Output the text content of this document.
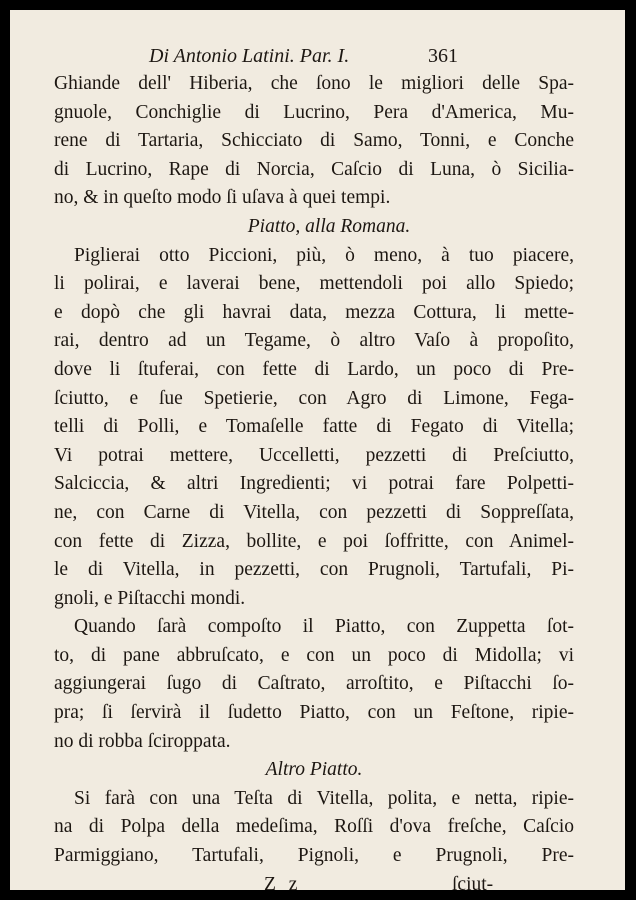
Di Antonio Latini. Par. I.	361
Ghiande dell' Hiberia, che ſono le migliori delle Spa-
gnuole, Conchiglie di Lucrino, Pera d'America, Mu-
rene di Tartaria, Schicciato di Samo, Tonni, e Conche
di Lucrino, Rape di Norcia, Caſcio di Luna, ò Siciliа-
no, & in queſto modo ſi uſava à quei tempi.
Piatto, alla Romana.
Piglierai otto Piccioni, più, ò meno, à tuo piacere,
li polirai, e laverai bene, mettendoli poi allo Spiedo;
e dopò che gli havrai data, mezza Cottura, li mette-
rai, dentro ad un Tegame, ò altro Vaſo à propoſito,
dove li ſtuferai, con fette di Lardo, un poco di Pre-
ſciutto, e ſue Spetierie, con Agro di Limone, Fega-
telli di Polli, e Tomaſelle fatte di Fegato di Vitella;
Vi potrai mettere, Uccelletti, pezzetti di Preſciutto,
Salciccia, & altri Ingredienti; vi potrai fare Polpetti-
ne, con Carne di Vitella, con pezzetti di Soppreſſata,
con fette di Zizza, bollite, e poi ſoffritte, con Animel-
le di Vitella, in pezzetti, con Prugnoli, Tartufali, Pi-
gnoli, e Piſtacchi mondi.
Quando ſarà compoſto il Piatto, con Zuppetta ſot-
to, di pane abbruſcato, e con un poco di Midolla; vi
aggiungerai ſugo di Caſtrato, arroſtito, e Piſtacchi ſo-
pra; ſi ſervirà il ſudetto Piatto, con un Feſtone, ripie-
no di robba ſciroppata.
Altro Piatto.
Si farà con una Teſta di Vitella, polita, e netta, ripie-
na di Polpa della medeſima, Roſſi d'ova freſche, Caſcio
Parmiggiano, Tartufali, Pignoli, e Prugnoli, Pre-
Z z	ſciut-
